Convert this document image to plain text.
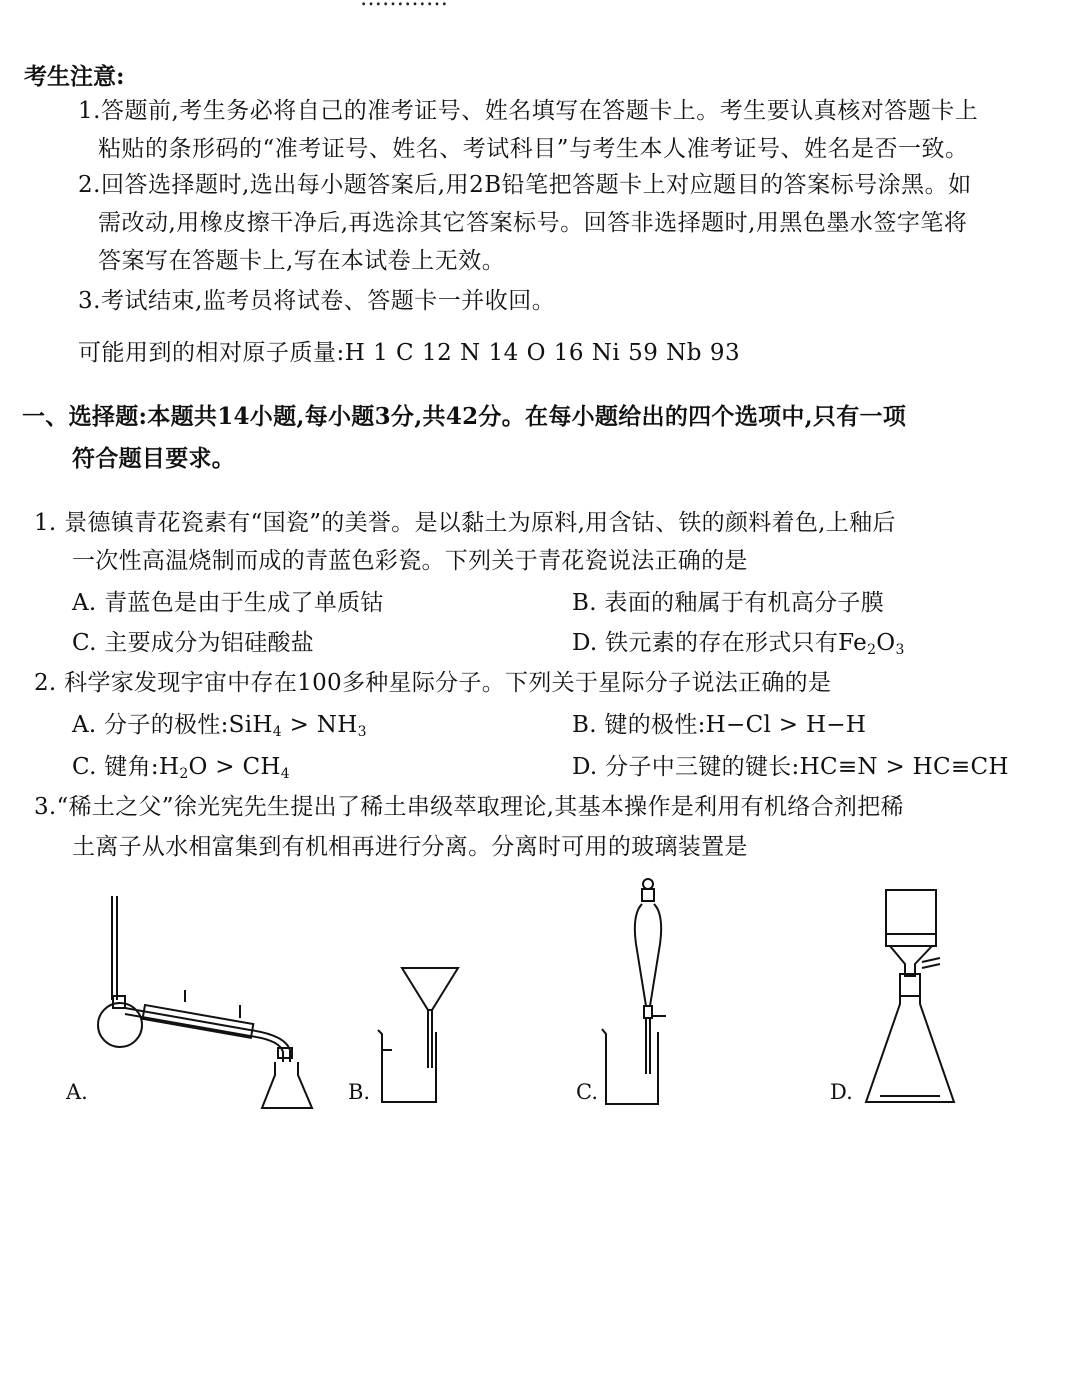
考生注意:
1.答题前,考生务必将自己的准考证号、姓名填写在答题卡上。考生要认真核对答题卡上
粘贴的条形码的“准考证号、姓名、考试科目”与考生本人准考证号、姓名是否一致。
2.回答选择题时,选出每小题答案后,用2B铅笔把答题卡上对应题目的答案标号涂黑。如
需改动,用橡皮擦干净后,再选涂其它答案标号。回答非选择题时,用黑色墨水签字笔将
答案写在答题卡上,写在本试卷上无效。
3.考试结束,监考员将试卷、答题卡一并收回。
可能用到的相对原子质量:H 1 C 12 N 14 O 16 Ni 59 Nb 93
一、选择题:本题共14小题,每小题3分,共42分。在每小题给出的四个选项中,只有一项
符合题目要求。
1. 景德镇青花瓷素有“国瓷”的美誉。是以黏土为原料,用含钴、铁的颜料着色,上釉后
一次性高温烧制而成的青蓝色彩瓷。下列关于青花瓷说法正确的是
A. 青蓝色是由于生成了单质钴	B. 表面的釉属于有机高分子膜
C. 主要成分为铝硅酸盐	D. 铁元素的存在形式只有$Fe_2O_3$
2. 科学家发现宇宙中存在100多种星际分子。下列关于星际分子说法正确的是
A. 分子的极性:SiH$_4$ > $NH_3$	B. 键的极性:H−Cl > H−H
C. 键角$:H_2O > CH_4$	D. 分子中三键的键长:HC≡N > HC≡CH
3.“稀土之父”徐光宪先生提出了稀土串级萃取理论,其基本操作是利用有机络合剂把稀
土离子从水相富集到有机相再进行分离。分离时可用的玻璃装置是
A.	B.	C.	D.
